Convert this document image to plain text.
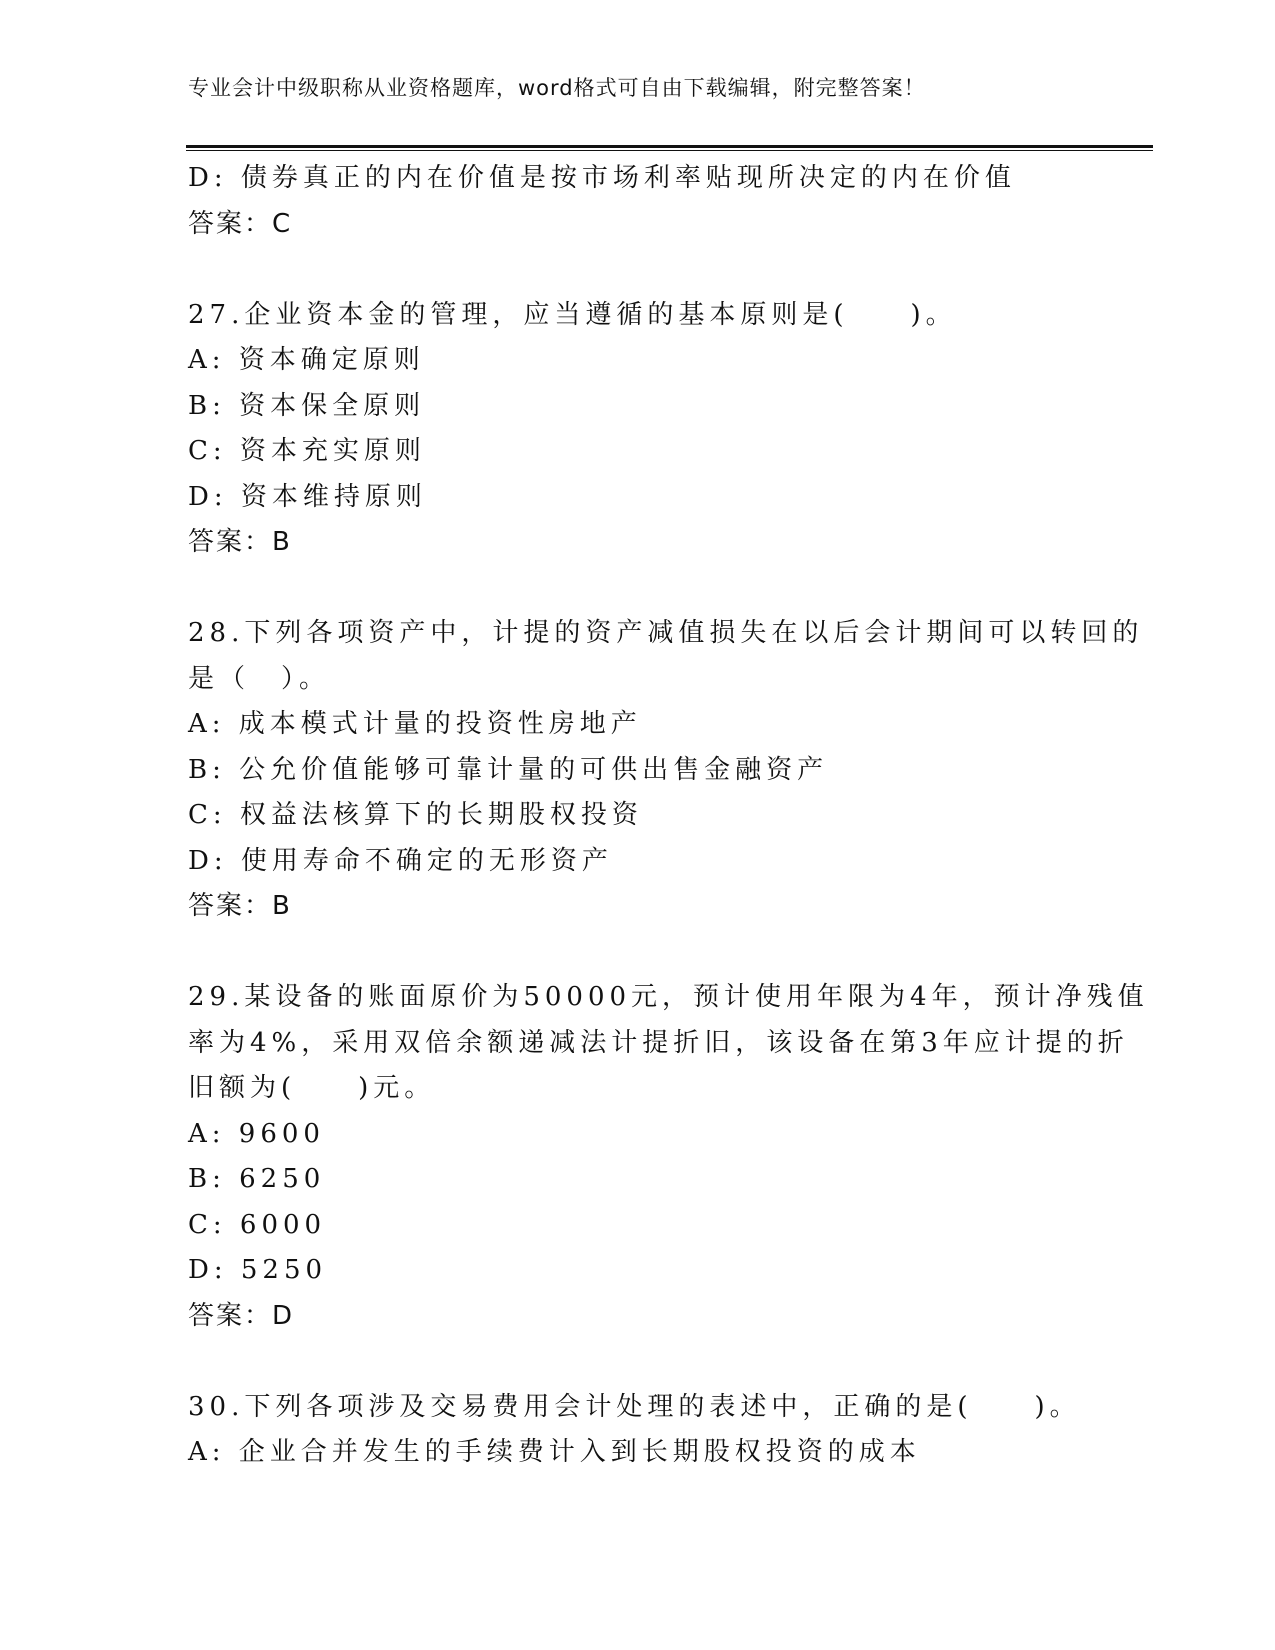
专业会计中级职称从业资格题库，word格式可自由下载编辑，附完整答案！
D: 债券真正的内在价值是按市场利率贴现所决定的内在价值
答案：C
27.企业资本金的管理，应当遵循的基本原则是(　　)。
A: 资本确定原则
B: 资本保全原则
C: 资本充实原则
D: 资本维持原则
答案：B
28.下列各项资产中，计提的资产减值损失在以后会计期间可以转回的
是（　）。
A: 成本模式计量的投资性房地产
B: 公允价值能够可靠计量的可供出售金融资产
C: 权益法核算下的长期股权投资
D: 使用寿命不确定的无形资产
答案：B
29.某设备的账面原价为50000元，预计使用年限为4年，预计净残值
率为4%，采用双倍余额递减法计提折旧，该设备在第3年应计提的折
旧额为(　　)元。
A: 9600
B: 6250
C: 6000
D: 5250
答案：D
30.下列各项涉及交易费用会计处理的表述中，正确的是(　　)。
A: 企业合并发生的手续费计入到长期股权投资的成本
